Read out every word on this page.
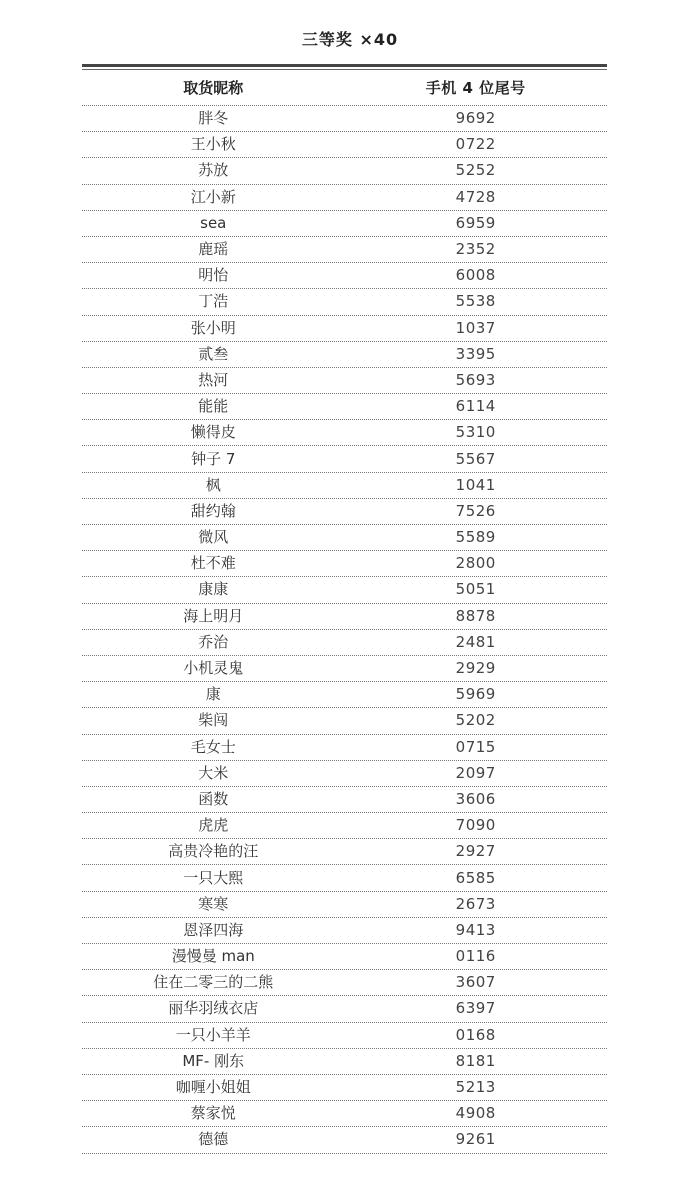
三等奖 ×40
取货昵称	手机 4 位尾号
胖冬	9692
王小秋	0722
苏放	5252
江小新	4728
sea	6959
鹿瑶	2352
明怡	6008
丁浩	5538
张小明	1037
贰叁	3395
热河	5693
能能	6114
懒得皮	5310
钟子 7	5567
枫	1041
甜约翰	7526
微风	5589
杜不难	2800
康康	5051
海上明月	8878
乔治	2481
小机灵鬼	2929
康	5969
柴闯	5202
毛女士	0715
大米	2097
函数	3606
虎虎	7090
高贵冷艳的汪	2927
一只大熙	6585
寒寒	2673
恩泽四海	9413
漫慢曼 man	0116
住在二零三的二熊	3607
丽华羽绒衣店	6397
一只小羊羊	0168
MF- 刚东	8181
咖喱小姐姐	5213
蔡家悦	4908
德德	9261
